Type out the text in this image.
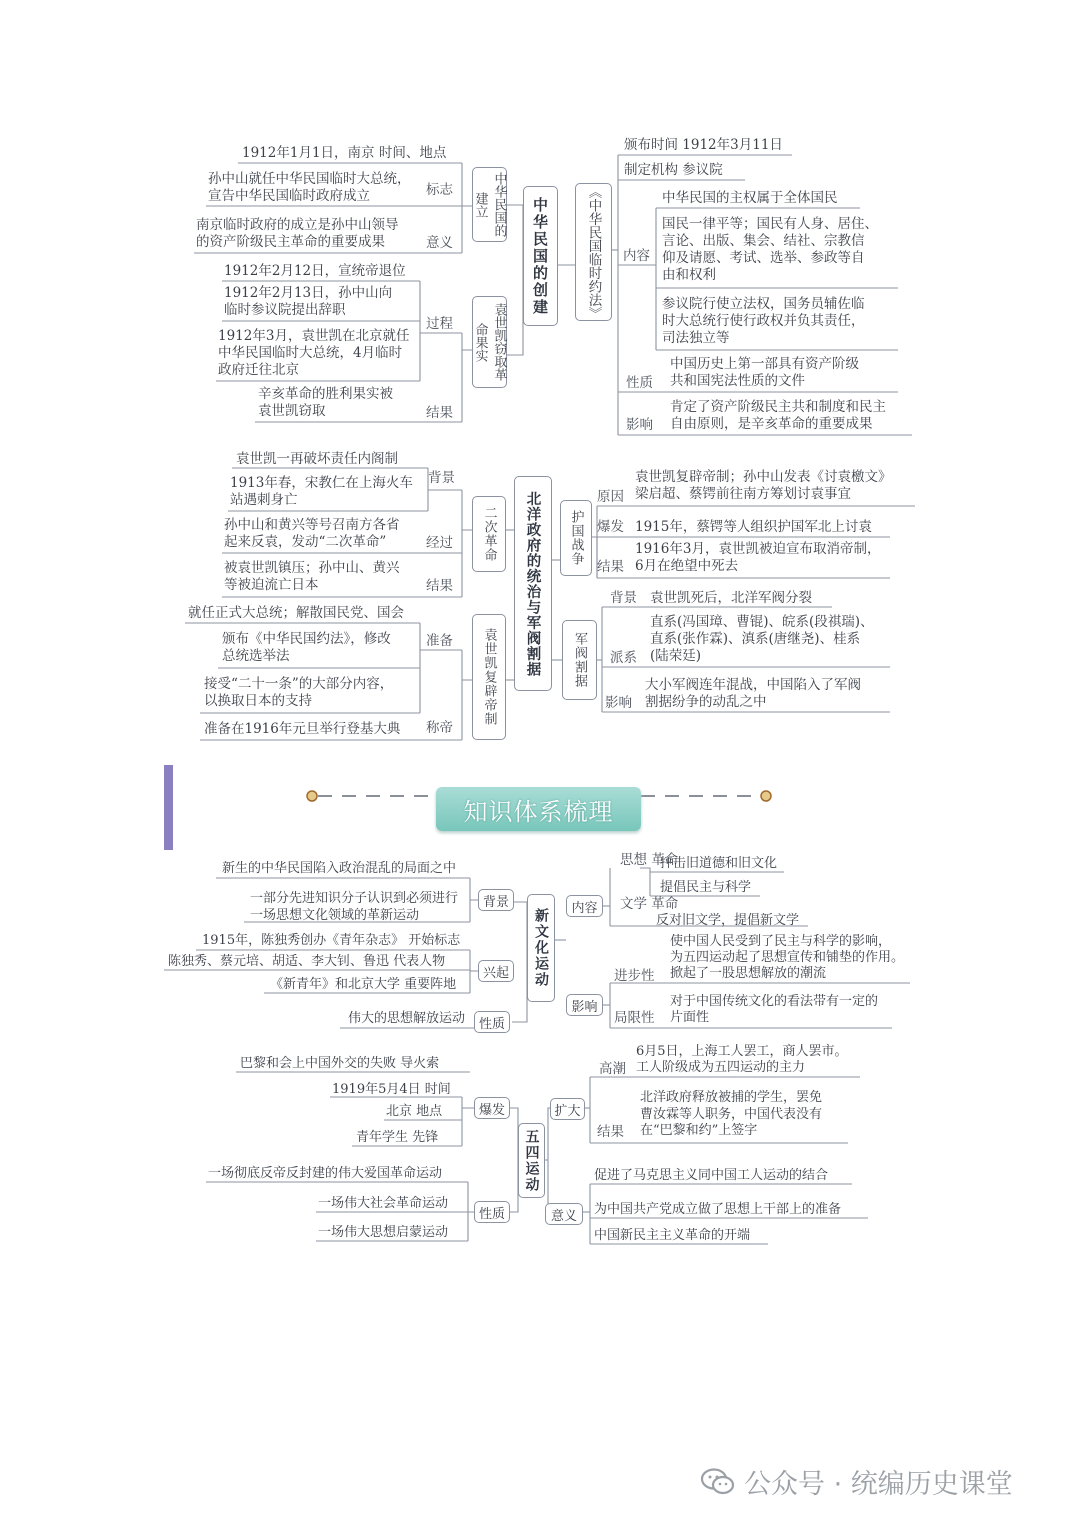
中华民国的创建
中华民国的建立
1912年1月1日，南京 时间、地点
孙中山就任中华民国临时大总统，
宣告中华民国临时政府成立	标志
南京临时政府的成立是孙中山领导
的资产阶级民主革命的重要成果	意义
袁世凯窃取革命果实
1912年2月12日，宣统帝退位
1912年2月13日，孙中山向
临时参议院提出辞职
1912年3月，袁世凯在北京就任
中华民国临时大总统，4月临时
政府迁往北京
过程
辛亥革命的胜利果实被
袁世凯窃取	结果
《中华民国临时约法》
颁布时间 1912年3月11日
制定机构 参议院
内容
中华民国的主权属于全体国民
国民一律平等；国民有人身、居住、
言论、出版、集会、结社、宗教信
仰及请愿、考试、选举、参政等自
由和权利
参议院行使立法权，国务员辅佐临
时大总统行使行政权并负其责任，
司法独立等
性质
中国历史上第一部具有资产阶级
共和国宪法性质的文件
影响
肯定了资产阶级民主共和制度和民主
自由原则，是辛亥革命的重要成果
北洋政府的统治与军阀割据
二次革命
袁世凯一再破坏责任内阁制
背景
1913年春，宋教仁在上海火车
站遇刺身亡
孙中山和黄兴等号召南方各省
起来反袁，发动“二次革命”	经过
被袁世凯镇压；孙中山、黄兴
等被迫流亡日本	结果
袁世凯复辟帝制
就任正式大总统；解散国民党、国会
颁布《中华民国约法》，修改
总统选举法
准备
接受“二十一条”的大部分内容，
以换取日本的支持
准备在1916年元旦举行登基大典 称帝
护国战争
袁世凯复辟帝制；孙中山发表《讨袁檄文》
梁启超、蔡锷前往南方筹划讨袁事宜
原因
爆发 1915年，蔡锷等人组织护国军北上讨袁
1916年3月，袁世凯被迫宣布取消帝制，
6月在绝望中死去
结果
军阀割据
背景 袁世凯死后，北洋军阀分裂
直系(冯国璋、曹锟)、皖系(段祺瑞)、
直系(张作霖)、滇系(唐继尧)、桂系
(陆荣廷)
派系
大小军阀连年混战，中国陷入了军阀
割据纷争的动乱之中
影响
知识体系梳理
新文化运动
背景
兴起
性质
新生的中华民国陷入政治混乱的局面之中
一部分先进知识分子认识到必须进行
一场思想文化领域的革新运动
1915年，陈独秀创办《青年杂志》 开始标志
陈独秀、蔡元培、胡适、李大钊、鲁迅 代表人物
《新青年》和北京大学 重要阵地
伟大的思想解放运动
内容
影响
思想 革命
文学 革命
抨击旧道德和旧文化
提倡民主与科学
反对旧文学，提倡新文学
进步性
使中国人民受到了民主与科学的影响，
为五四运动起了思想宣传和铺垫的作用。
掀起了一股思想解放的潮流
局限性
对于中国传统文化的看法带有一定的
片面性
五四运动
爆发
性质
巴黎和会上中国外交的失败 导火索
1919年5月4日 时间
北京 地点
青年学生 先锋
一场彻底反帝反封建的伟大爱国革命运动
一场伟大社会革命运动
一场伟大思想启蒙运动
扩大
意义
高潮
6月5日，上海工人罢工，商人罢市。
工人阶级成为五四运动的主力
结果
北洋政府释放被捕的学生，罢免
曹汝霖等人职务，中国代表没有
在“巴黎和约”上签字
促进了马克思主义同中国工人运动的结合
为中国共产党成立做了思想上干部上的准备
中国新民主主义革命的开端
公众号 · 统编历史课堂
